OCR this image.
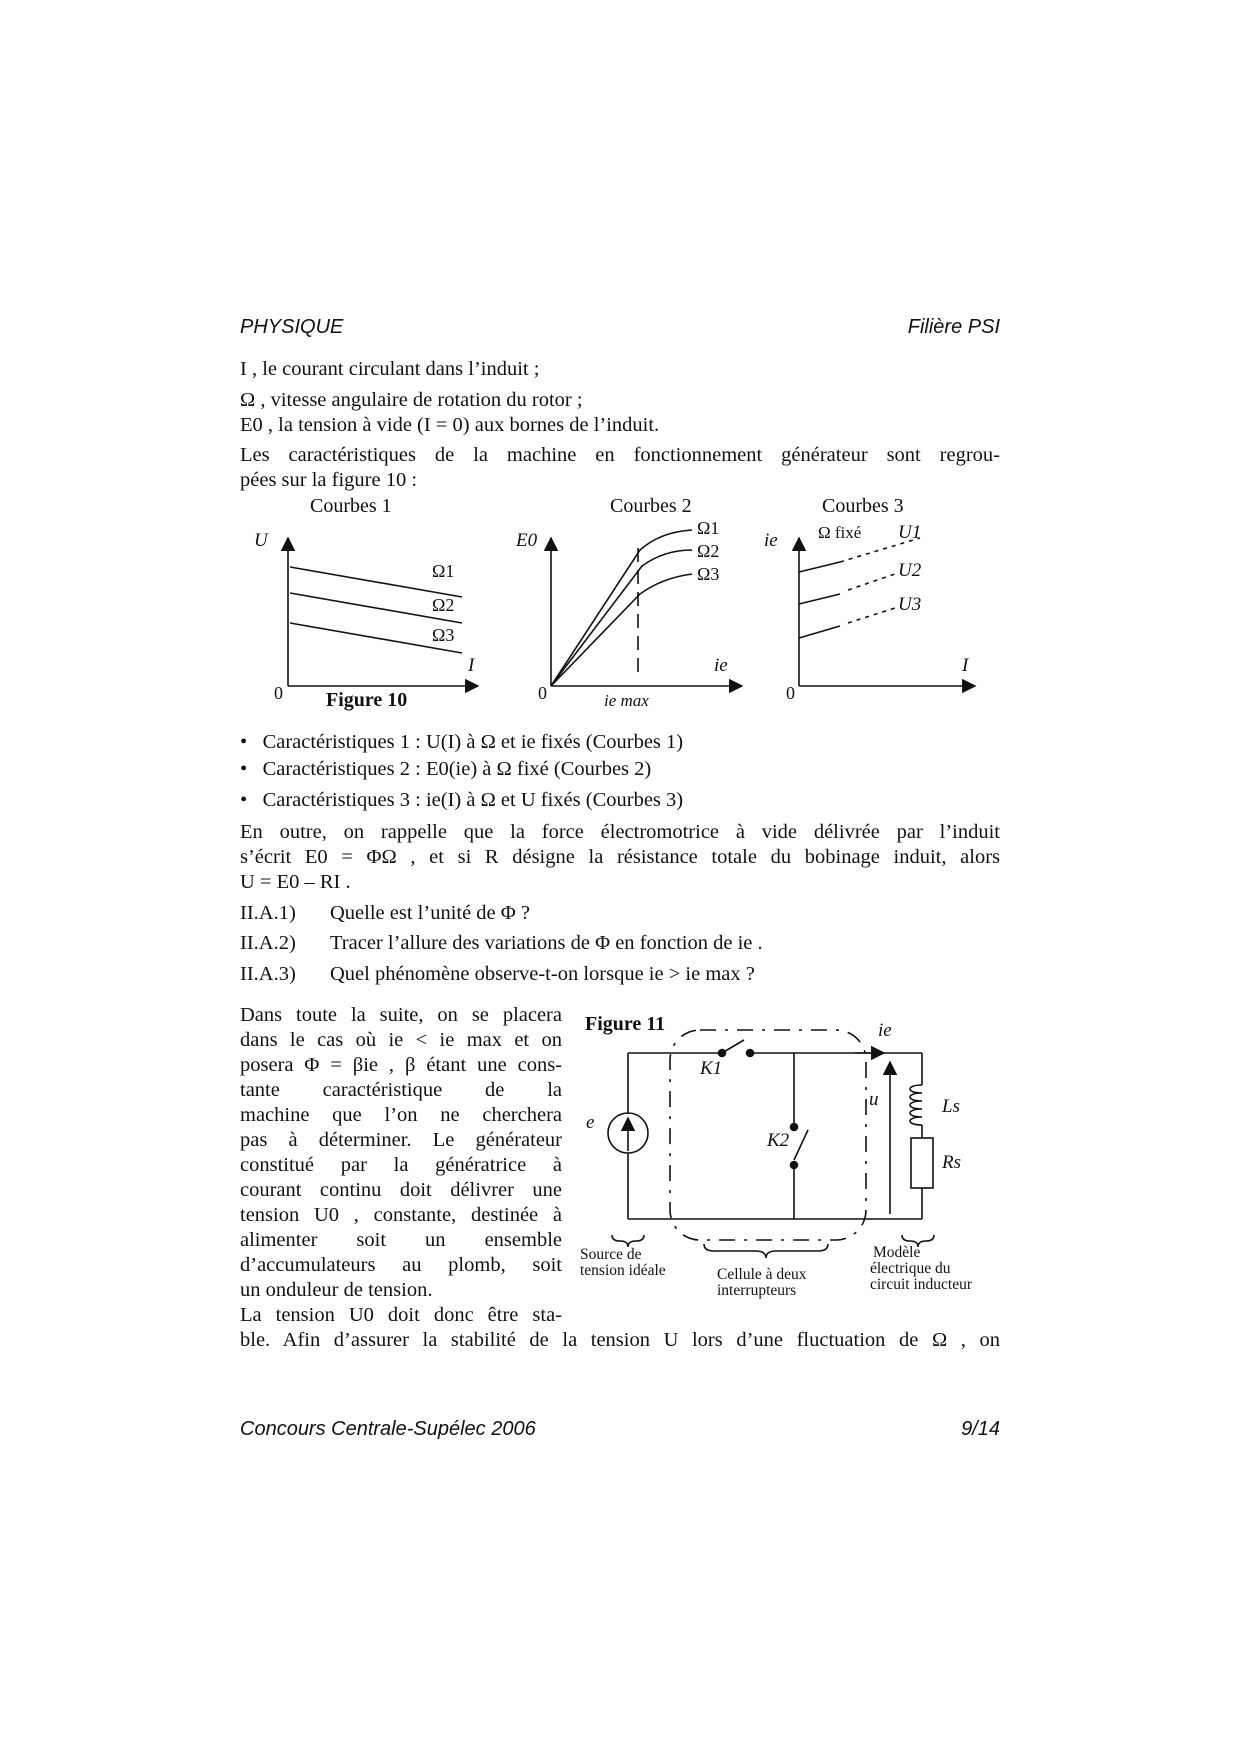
PHYSIQUE	Filière PSI
Concours Centrale-Supélec 2006	9/14
I , le courant circulant dans l’induit ;
Ω , vitesse angulaire de rotation du rotor ;
E0 , la tension à vide (I = 0) aux bornes de l’induit.
Les caractéristiques de la machine en fonctionnement générateur sont regrou-
pées sur la figure 10 :
Courbes 1
U
I
0
Ω1
Ω2
Ω3
Figure 10
Courbes 2
E0
ie
0	ie max
Ω1
Ω2
Ω3
Courbes 3
ie
I
0
Ω fixé U1
U2
U3
•   Caractéristiques 1 : U(I) à Ω et ie fixés (Courbes 1)
•   Caractéristiques 2 : E0(ie) à Ω fixé (Courbes 2)
•   Caractéristiques 3 : ie(I) à Ω et U fixés (Courbes 3)
En outre, on rappelle que la force électromotrice à vide délivrée par l’induit
s’écrit E0 = ΦΩ , et si R désigne la résistance totale du bobinage induit, alors
U = E0 – RI .
II.A.1) Quelle est l’unité de Φ ?
II.A.2) Tracer l’allure des variations de Φ en fonction de ie .
II.A.3) Quel phénomène observe-t-on lorsque ie > ie max ?
Dans toute la suite, on se placera
dans le cas où ie < ie max et on
posera Φ = βie , β étant une cons-
tante caractéristique de la
machine que l’on ne cherchera
pas à déterminer. Le générateur
constitué par la génératrice à
courant continu doit délivrer une
tension U0 , constante, destinée à
alimenter soit un ensemble
d’accumulateurs au plomb, soit
un onduleur de tension.
La tension U0 doit donc être sta-
ble. Afin d’assurer la stabilité de la tension U lors d’une fluctuation de Ω , on
Figure 11
e
K1
K2
ie
u	Ls
Rs
Source de
tension idéale	Cellule à deux
interrupteurs
Modèle
électrique du
circuit inducteur
